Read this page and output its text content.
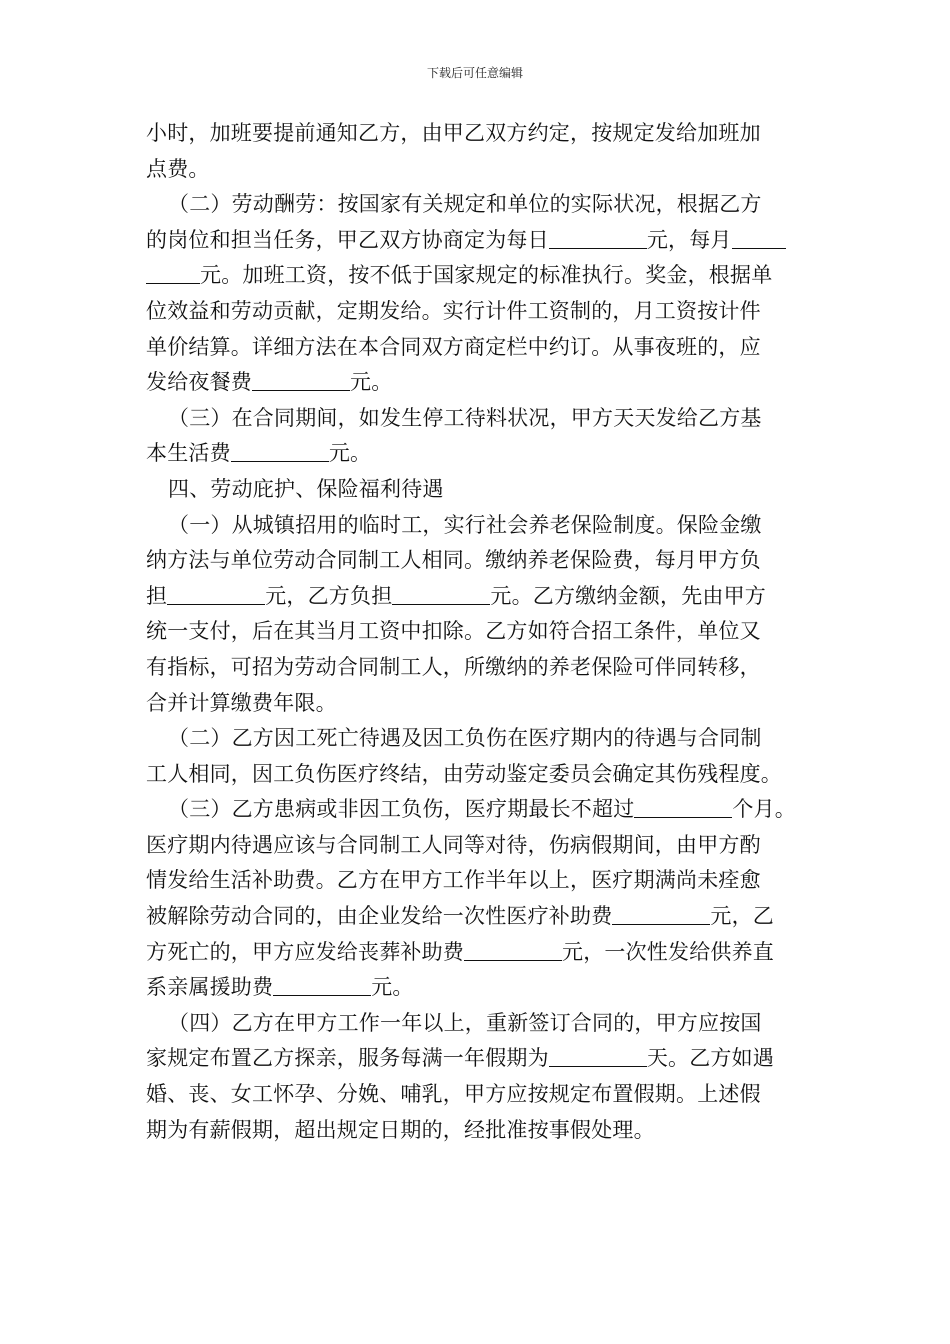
下载后可任意编辑
小时，加班要提前通知乙方，由甲乙双方约定，按规定发给加班加
点费。
（二）劳动酬劳：按国家有关规定和单位的实际状况，根据乙方
的岗位和担当任务，甲乙双方协商定为每日	元，每月
元。加班工资，按不低于国家规定的标准执行。奖金，根据单
位效益和劳动贡献，定期发给。实行计件工资制的，月工资按计件
单价结算。详细方法在本合同双方商定栏中约订。从事夜班的，应
发给夜餐费	元。
（三）在合同期间，如发生停工待料状况，甲方天天发给乙方基
本生活费	元。
四、劳动庇护、保险福利待遇
（一）从城镇招用的临时工，实行社会养老保险制度。保险金缴
纳方法与单位劳动合同制工人相同。缴纳养老保险费，每月甲方负
担	元，乙方负担	元。乙方缴纳金额，先由甲方
统一支付，后在其当月工资中扣除。乙方如符合招工条件，单位又
有指标，可招为劳动合同制工人，所缴纳的养老保险可伴同转移，
合并计算缴费年限。
（二）乙方因工死亡待遇及因工负伤在医疗期内的待遇与合同制
工人相同，因工负伤医疗终结，由劳动鉴定委员会确定其伤残程度。
（三）乙方患病或非因工负伤，医疗期最长不超过	个月。
医疗期内待遇应该与合同制工人同等对待，伤病假期间，由甲方酌
情发给生活补助费。乙方在甲方工作半年以上，医疗期满尚未痊愈
被解除劳动合同的，由企业发给一次性医疗补助费	元，乙
方死亡的，甲方应发给丧葬补助费	元，一次性发给供养直
系亲属援助费	元。
（四）乙方在甲方工作一年以上，重新签订合同的，甲方应按国
家规定布置乙方探亲，服务每满一年假期为	天。乙方如遇
婚、丧、女工怀孕、分娩、哺乳，甲方应按规定布置假期。上述假
期为有薪假期，超出规定日期的，经批准按事假处理。
